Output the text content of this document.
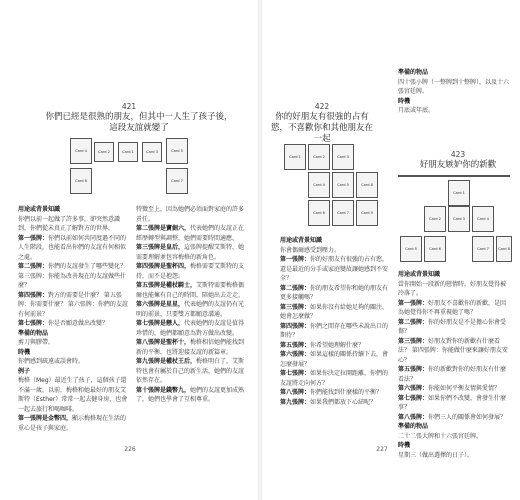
421
你們已經是很熟的朋友，但其中一人生了孩子後，這段友誼就變了
Card 4	Card 2	Card 1	Card 3	Card 5
Card 6	Card 7

用途或背景知識

你們以前一起做了許多事，卻突然意識到，你們從未真正了解對方的世界。

第一張牌：你們以前如何共同度過不同的人生階段，也能看出你們的友誼有何相似之處。

第二張牌：你們的友誼發生了哪些變化？ 第三張牌：你能為改善現在的友誼做些什麼？

第四張牌：對方的需要是什麼？ 第五張牌：你需要什麼？ 第六張牌：你們的友誼有何前景？

第七張牌：你是否願意做出改變？

準備的物品

剪刀與膠帶。

時機

你們感到疏遠或誤會時。

例子

梅格（Meg）最近生了孩子，這個孩子還不滿一歲。以前，梅格和她最好的朋友艾斯特（Esther）常常一起去健身房，也會一起去旅行和喝咖啡。

第一張牌是金幣四，顯示梅格現在生活的重心是孩子與家庭。

特徵至上，因為她們必須面對家庭的許多責任。

第二張牌是寶劍六，代表她們的友誼正在經歷轉型與調整，她們需要時間適應。

第三張牌是皇后，這張牌提醒艾斯特，她需要理解並包容梅格的新角色。

第四張牌是聖杯四，梅格需要艾斯特的支持，而不是抱怨。

第五張牌是權杖騎士，艾斯特需要梅格偶爾也能擁有自己的時間，陪她出去走走。

第六張牌是星星，代表她們的友誼仍有光明的前景，只要雙方都願意溝通。

第七張牌是戀人，代表她們的友誼是值得珍惜的，她們都願意為對方做出改變。

第八張牌是聖杯十，梅格相信她們能找到新的平衡，也將迎接友誼的新篇章。

第九張牌是權杖王后，梅格明白了，艾斯特也會有屬於自己的新生活，她們的友誼依然存在。

第十張牌是錢幣九，她們的友誼更加成熟了，她們也學會了互相尊重。

226
422
你的好朋友有很強的占有慾，不喜歡你和其他朋友在一起
Card 1	Card 2	Card 3
Card 4	Card 5
Card 6	Card 7
Card 8
Card 9

用途或背景知識

你會偶爾感受到壓力。

第一張牌：你的好朋友有很強的占有慾，還是最近的分手或家庭變故讓她感到不安全？

第二張牌：你的朋友希望你和她的朋友有更多接觸嗎？

第三張牌：如果你沒有給她足夠的關注，她會怎麼做？

第四張牌：你們之間存在哪些未說出口的期待？

第五張牌：你希望她理解什麼？

第六張牌：如果這樣的關係持續下去，會怎麼發展？

第七張牌：如果你決定拉開距離，你們的友誼將走向何方？

第八張牌：你們能找到什麼樣的平衡？

第九張牌：如果我們都放下心結呢？

準備的物品

四十張小牌（一整牌到十整牌），以及十六張宮廷牌。

時機

月底或年底。

423
好朋友嫉妒你的新歡
Card 1
Card 2	Card 3	Card 4
Card 5	Card 6	Card 7	Card 8

用途或背景知識

當你開始一段新的戀情時，好朋友覺得被冷落了。

第一張牌：好朋友不喜歡你的新歡，是因為她覺得你不再重視她了嗎？

第二張牌：你的好朋友是不是擔心你會受傷？

第三張牌：好朋友對你的新歡有什麼看法？ 第四張牌：你能做什麼來讓好朋友安心？

第五張牌：你的新歡對你的好朋友有什麼看法？

第六張牌：你能如何平衡友情與愛情？

第七張牌：如果你們不改變，會發生什麼事？

第八張牌：你們三人的關係會如何發展？

準備的物品

二十二張大牌和十六張宮廷牌。

時機

星期三（做出選擇的日子）。

227
